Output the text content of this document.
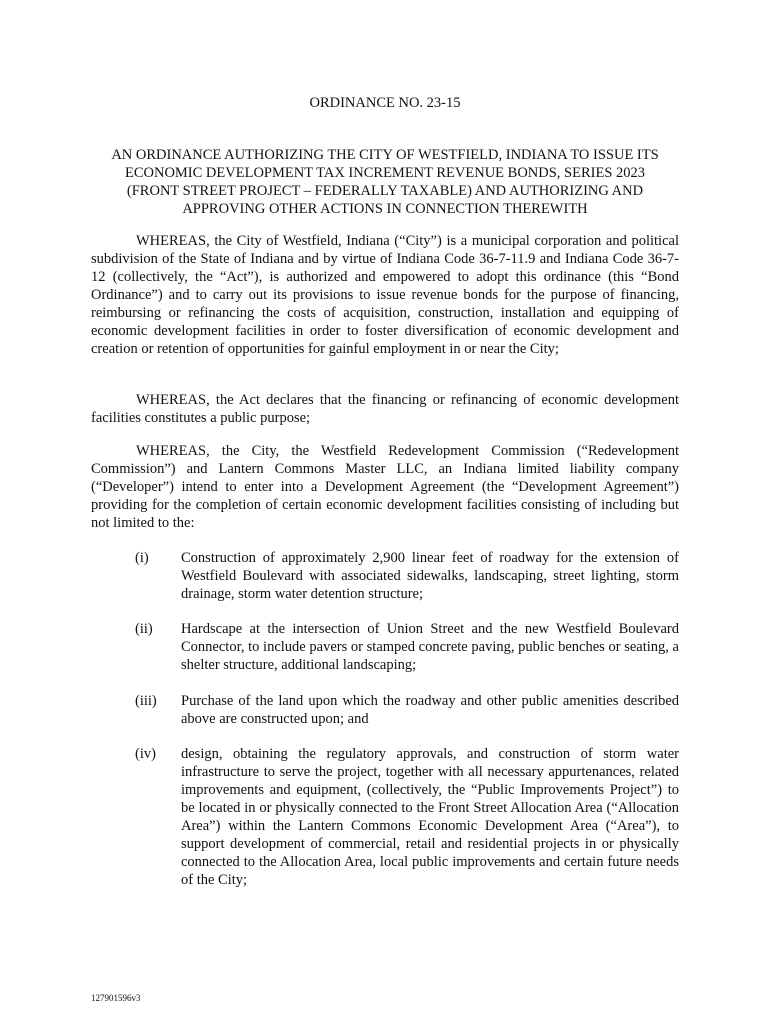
ORDINANCE NO. 23-15
AN ORDINANCE AUTHORIZING THE CITY OF WESTFIELD, INDIANA TO ISSUE ITS
ECONOMIC DEVELOPMENT TAX INCREMENT REVENUE BONDS, SERIES 2023
(FRONT STREET PROJECT – FEDERALLY TAXABLE) AND AUTHORIZING AND
APPROVING OTHER ACTIONS IN CONNECTION THEREWITH

WHEREAS, the City of Westfield, Indiana (“City”) is a municipal corporation and political subdivision of the State of Indiana and by virtue of Indiana Code 36-7-11.9 and Indiana Code 36-7-12 (collectively, the “Act”), is authorized and empowered to adopt this ordinance (this “Bond Ordinance”) and to carry out its provisions to issue revenue bonds for the purpose of financing, reimbursing or refinancing the costs of acquisition, construction, installation and equipping of economic development facilities in order to foster diversification of economic development and creation or retention of opportunities for gainful employment in or near the City;

WHEREAS, the Act declares that the financing or refinancing of economic development facilities constitutes a public purpose;

WHEREAS, the City, the Westfield Redevelopment Commission (“Redevelopment Commission”) and Lantern Commons Master LLC, an Indiana limited liability company (“Developer”) intend to enter into a Development Agreement (the “Development Agreement”) providing for the completion of certain economic development facilities consisting of including but not limited to the:

(i)	Construction of approximately 2,900 linear feet of roadway for the extension of Westfield Boulevard with associated sidewalks, landscaping, street lighting, storm drainage, storm water detention structure;
(ii)	Hardscape at the intersection of Union Street and the new Westfield Boulevard Connector, to include pavers or stamped concrete paving, public benches or seating, a shelter structure, additional landscaping;
(iii)	Purchase of the land upon which the roadway and other public amenities described above are constructed upon; and
(iv)	design, obtaining the regulatory approvals, and construction of storm water infrastructure to serve the project, together with all necessary appurtenances, related improvements and equipment, (collectively, the “Public Improvements Project”) to be located in or physically connected to the Front Street Allocation Area (“Allocation Area”) within the Lantern Commons Economic Development Area (“Area”), to support development of commercial, retail and residential projects in or physically connected to the Allocation Area, local public improvements and certain future needs of the City;
127901596v3
